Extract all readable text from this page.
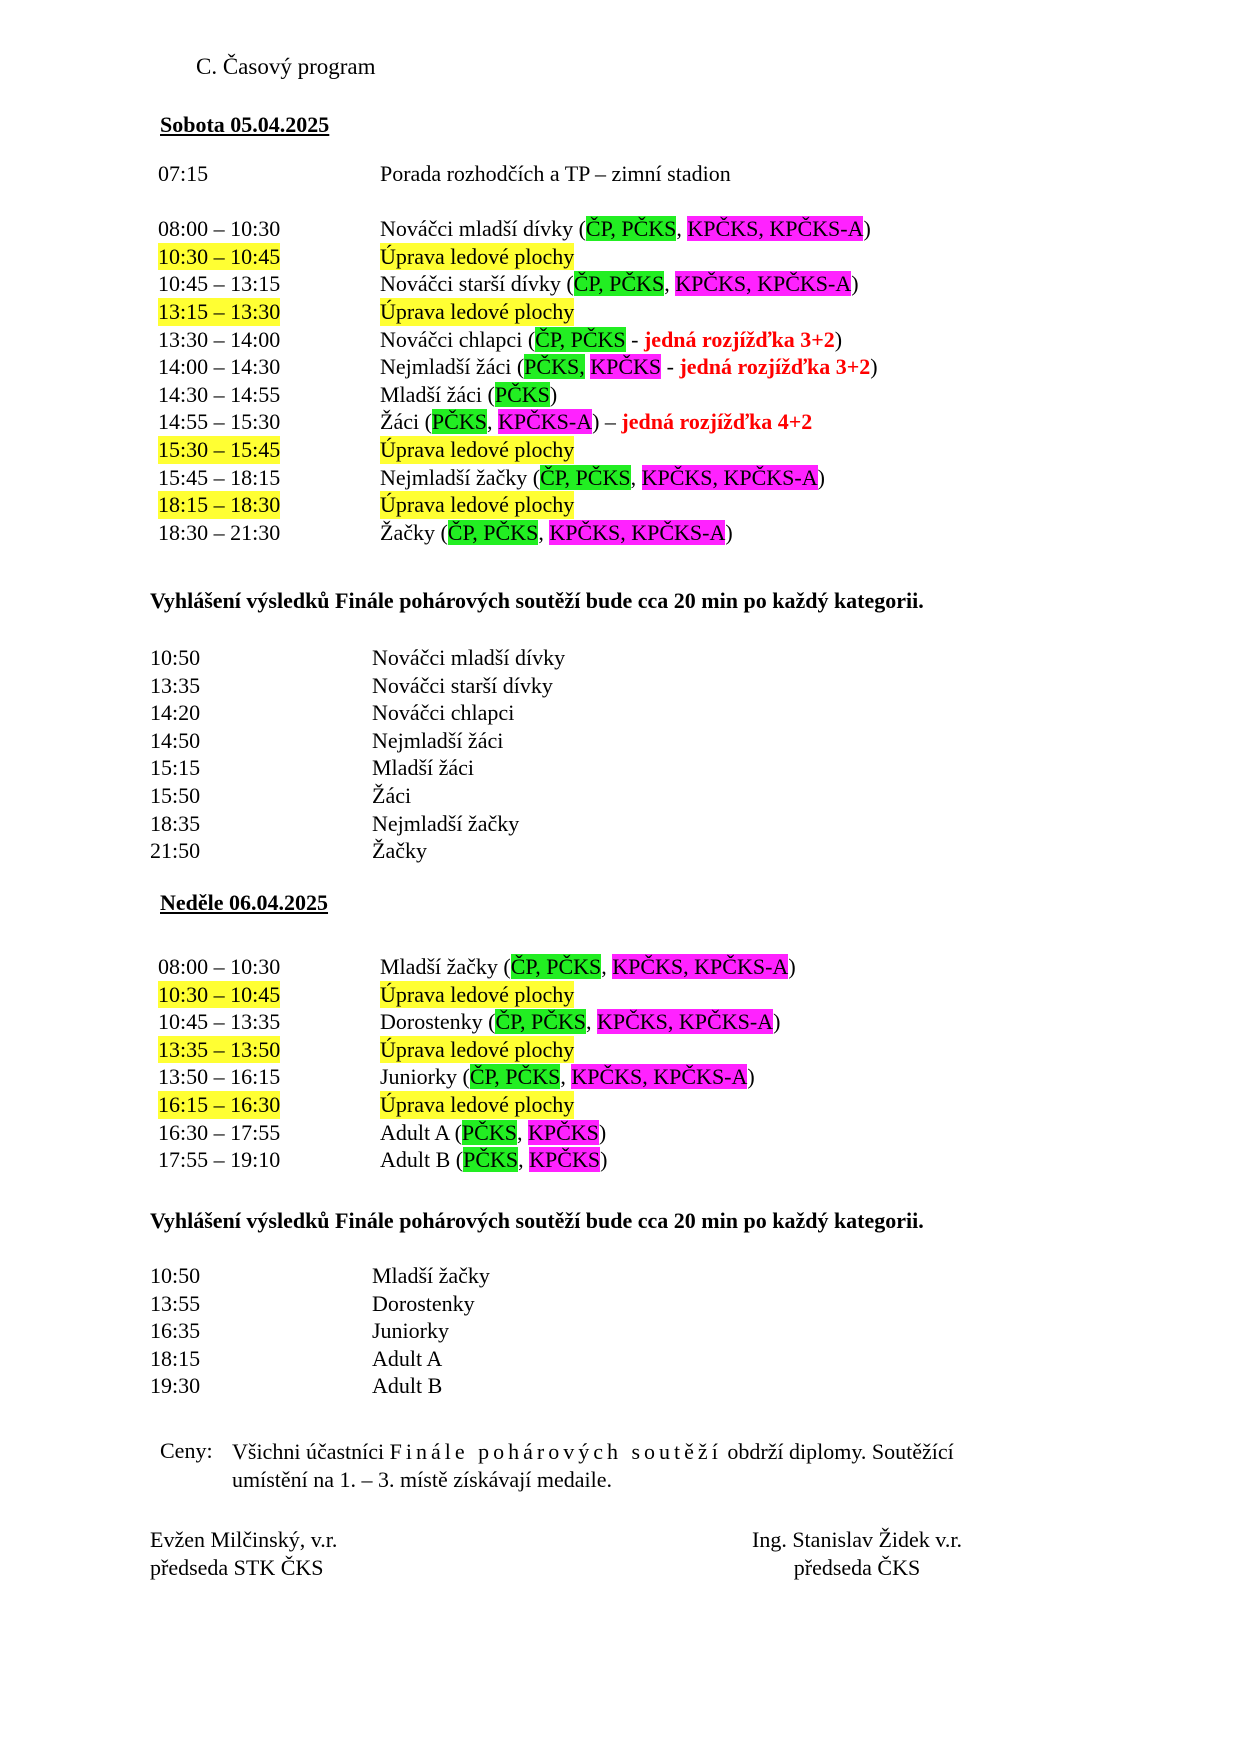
C. Časový program
Sobota 05.04.2025
07:15	Porada rozhodčích a TP – zimní stadion
08:00 – 10:30	Nováčci mladší dívky (ČP, PČKS, KPČKS, KPČKS-A)
10:30 – 10:45	Úprava ledové plochy
10:45 – 13:15	Nováčci starší dívky (ČP, PČKS, KPČKS, KPČKS-A)
13:15 – 13:30	Úprava ledové plochy
13:30 – 14:00	Nováčci chlapci (ČP, PČKS - jedná rozjížďka 3+2)
14:00 – 14:30	Nejmladší žáci (PČKS, KPČKS - jedná rozjížďka 3+2)
14:30 – 14:55	Mladší žáci (PČKS)
14:55 – 15:30	Žáci (PČKS, KPČKS-A) – jedná rozjížďka 4+2
15:30 – 15:45	Úprava ledové plochy
15:45 – 18:15	Nejmladší žačky (ČP, PČKS, KPČKS, KPČKS-A)
18:15 – 18:30	Úprava ledové plochy
18:30 – 21:30	Žačky (ČP, PČKS, KPČKS, KPČKS-A)
Vyhlášení výsledků Finále pohárových soutěží bude cca 20 min po každý kategorii.
10:50	Nováčci mladší dívky
13:35	Nováčci starší dívky
14:20	Nováčci chlapci
14:50	Nejmladší žáci
15:15	Mladší žáci
15:50	Žáci
18:35	Nejmladší žačky
21:50	Žačky
Neděle 06.04.2025
08:00 – 10:30	Mladší žačky (ČP, PČKS, KPČKS, KPČKS-A)
10:30 – 10:45	Úprava ledové plochy
10:45 – 13:35	Dorostenky (ČP, PČKS, KPČKS, KPČKS-A)
13:35 – 13:50	Úprava ledové plochy
13:50 – 16:15	Juniorky (ČP, PČKS, KPČKS, KPČKS-A)
16:15 – 16:30	Úprava ledové plochy
16:30 – 17:55	Adult A (PČKS, KPČKS)
17:55 – 19:10	Adult B (PČKS, KPČKS)
Vyhlášení výsledků Finále pohárových soutěží bude cca 20 min po každý kategorii.
10:50	Mladší žačky
13:55	Dorostenky
16:35	Juniorky
18:15	Adult A
19:30	Adult B
Ceny: Všichni účastníci Finále pohárových soutěží obdrží diplomy. Soutěžící
umístění na 1. – 3. místě získávají medaile.
Evžen Milčinský, v.r.
předseda STK ČKS
Ing. Stanislav Židek v.r.
předseda ČKS
